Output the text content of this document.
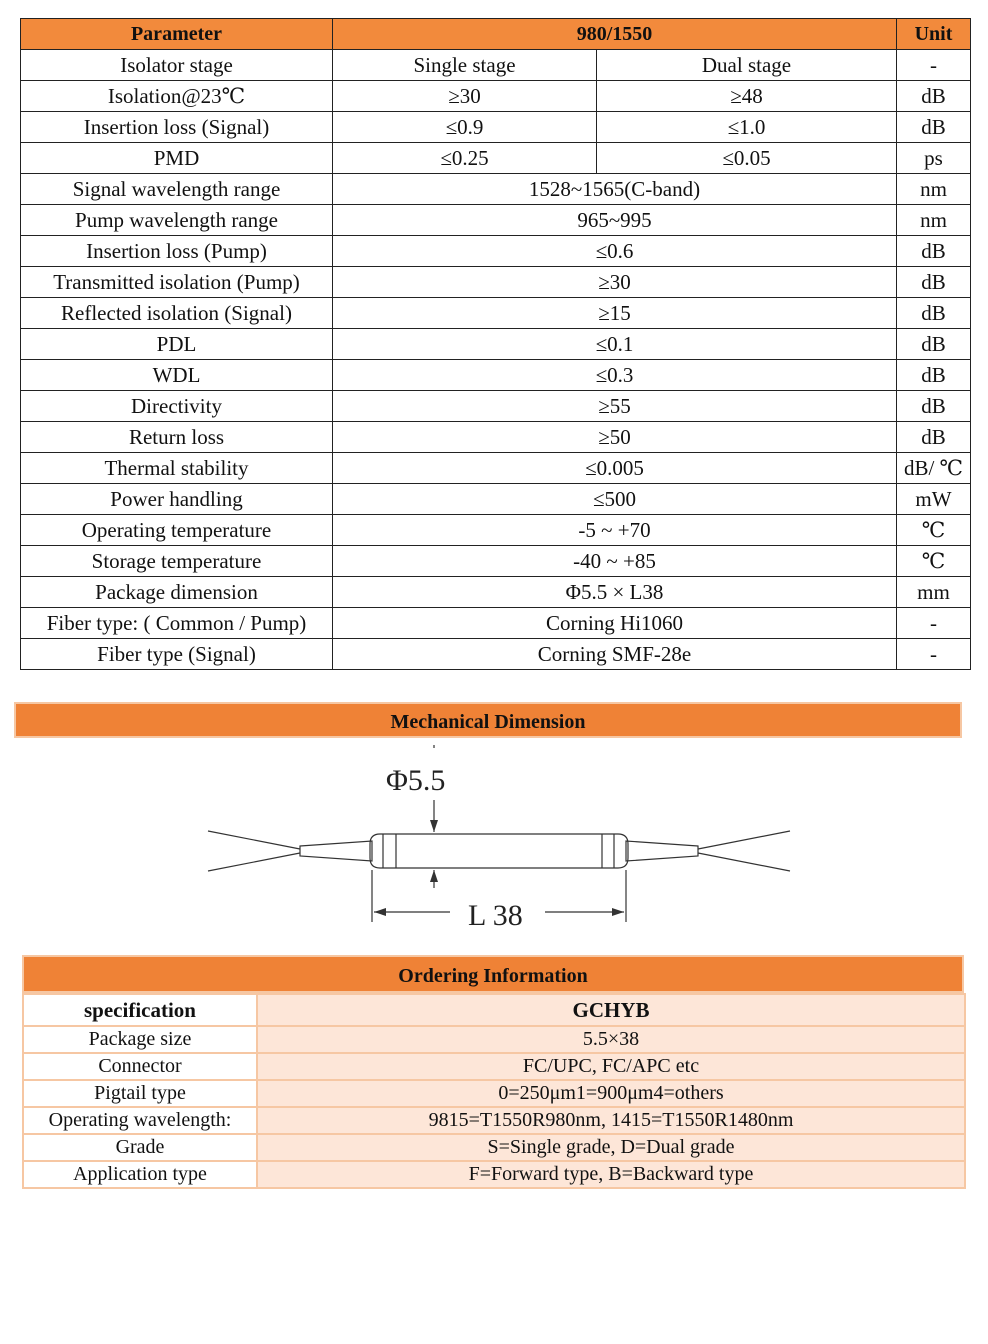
Parameter	980/1550		Unit
Isolator stage	Single stage	Dual stage	-
Isolation@23℃	≥30	≥48	dB
Insertion loss (Signal)	≤0.9	≤1.0	dB
PMD	≤0.25	≤0.05	ps
Signal wavelength range	1528~1565(C-band)		nm
Pump wavelength range	965~995		nm
Insertion loss (Pump)	≤0.6		dB
Transmitted isolation (Pump)	≥30		dB
Reflected isolation (Signal)	≥15		dB
PDL	≤0.1		dB
WDL	≤0.3		dB
Directivity	≥55		dB
Return loss	≥50		dB
Thermal stability	≤0.005		dB/ ℃
Power handling	≤500		mW
Operating temperature	-5 ~ +70		℃
Storage temperature	-40 ~ +85		℃
Package dimension	Φ5.5 × L38		mm
Fiber type: ( Common / Pump)	Corning Hi1060		-
Fiber type (Signal)	Corning SMF-28e		-
Mechanical Dimension
Φ5.5
L 38
Ordering Information
specification	GCHYB
Package size	5.5×38
Connector	FC/UPC, FC/APC etc
Pigtail type	0=250μm1=900μm4=others
Operating wavelength:	9815=T1550R980nm, 1415=T1550R1480nm
Grade	S=Single grade, D=Dual grade
Application type	F=Forward type, B=Backward type
